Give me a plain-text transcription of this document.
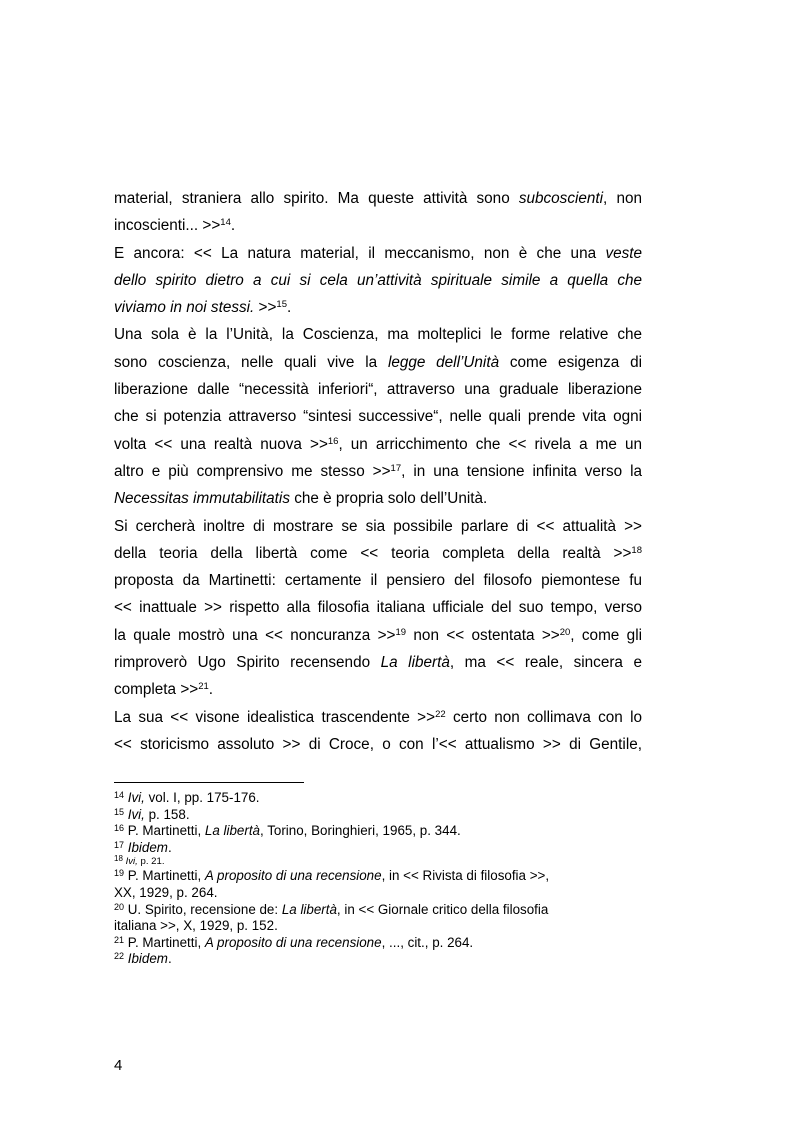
material, straniera allo spirito. Ma queste attività sono subcoscienti, non
incoscienti... >>$^{14}$.

E ancora: << La natura material, il meccanismo, non è che una veste
dello spirito dietro a cui si cela un’attività spirituale simile a quella che
viviamo in noi stessi. >>$^{15}$.

Una sola è la l’Unità, la Coscienza, ma molteplici le forme relative che
sono coscienza, nelle quali vive la legge dell’Unità come esigenza di
liberazione dalle “necessità inferiori“, attraverso una graduale liberazione
che si potenzia attraverso “sintesi successive“, nelle quali prende vita ogni
volta << una realtà nuova >>$^{16}$, un arricchimento che << rivela a me un
altro e più comprensivo me stesso >>$^{17}$, in una tensione infinita verso la
Necessitas immutabilitatis che è propria solo dell’Unità.

Si cercherà inoltre di mostrare se sia possibile parlare di << attualità >>
della teoria della libertà come << teoria completa della realtà >>$^{18}$
proposta da Martinetti: certamente il pensiero del filosofo piemontese fu
<< inattuale >> rispetto alla filosofia italiana ufficiale del suo tempo, verso
la quale mostrò una << noncuranza >>$^{19}$ non << ostentata >>$^{20}$, come gli
rimproverò Ugo Spirito recensendo La libertà, ma << reale, sincera e
completa >>$^{21}$.

La sua << visone idealistica trascendente >>$^{22}$ certo non collimava con lo
<< storicismo assoluto >> di Croce, o con l’<< attualismo >> di Gentile,

$^{14}$ Ivi, vol. I, pp. 175-176.
$^{15}$ Ivi, p. 158.
$^{16}$ P. Martinetti, La libertà, Torino, Boringhieri, 1965, p. 344.
$^{17}$ Ibidem.
$^{18}$ Ivi, p. 21.
$^{19}$ P. Martinetti, A proposito di una recensione, in << Rivista di filosofia >>,
XX, 1929, p. 264.
$^{20}$ U. Spirito, recensione de: La libertà, in << Giornale critico della filosofia
italiana >>, X, 1929, p. 152.
$^{21}$ P. Martinetti, A proposito di una recensione, ..., cit., p. 264.
$^{22}$ Ibidem.
4
